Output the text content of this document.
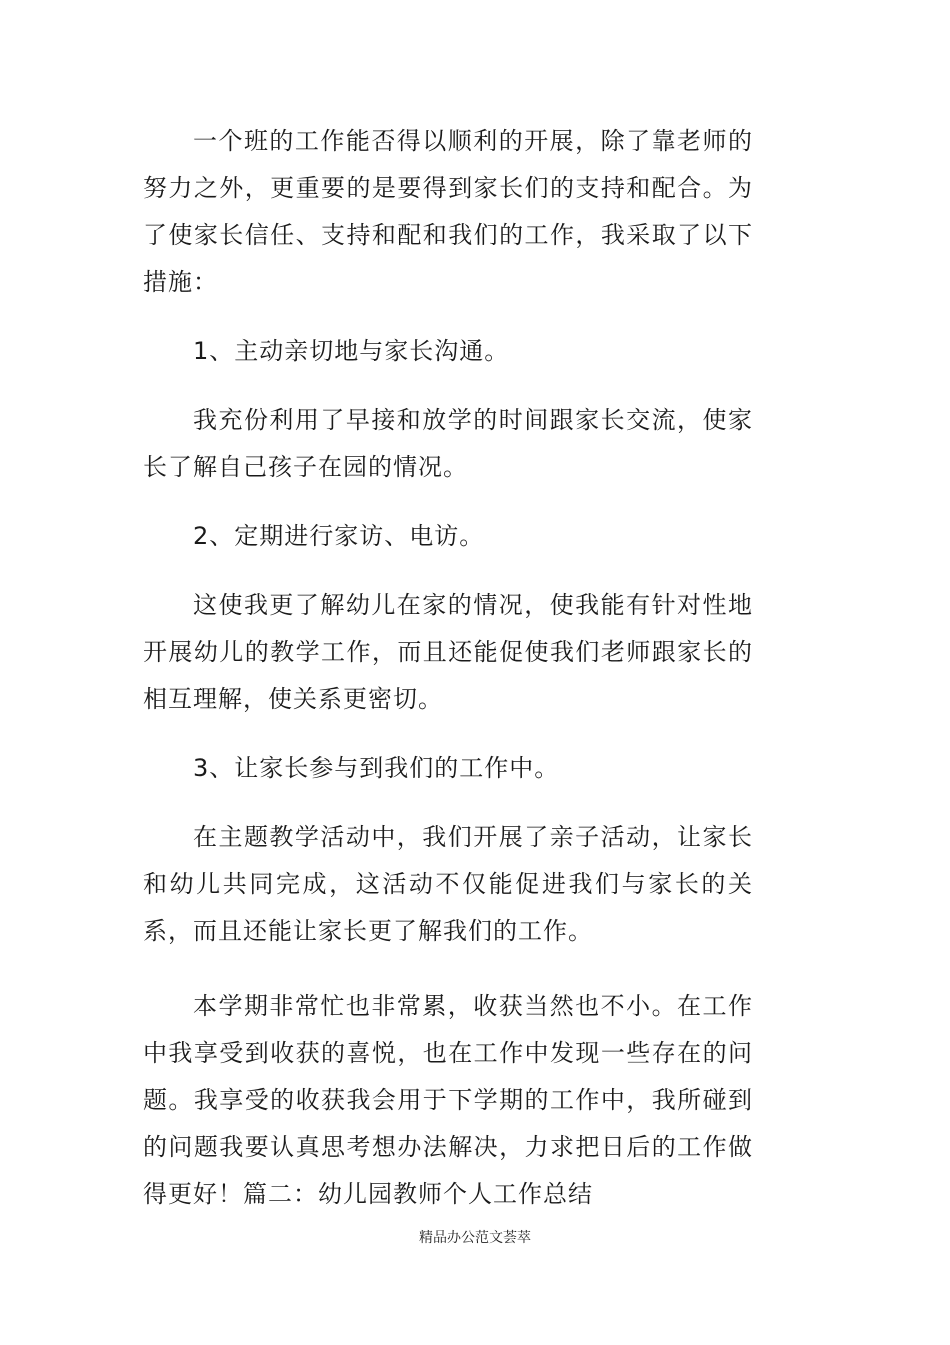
一个班的工作能否得以顺利的开展，除了靠老师的努力之外，更重要的是要得到家长们的支持和配合。为了使家长信任、支持和配和我们的工作，我采取了以下措施：

1、主动亲切地与家长沟通。

我充份利用了早接和放学的时间跟家长交流，使家长了解自己孩子在园的情况。

2、定期进行家访、电访。

这使我更了解幼儿在家的情况，使我能有针对性地开展幼儿的教学工作，而且还能促使我们老师跟家长的相互理解，使关系更密切。

3、让家长参与到我们的工作中。

在主题教学活动中，我们开展了亲子活动，让家长和幼儿共同完成，这活动不仅能促进我们与家长的关系，而且还能让家长更了解我们的工作。

本学期非常忙也非常累，收获当然也不小。在工作中我享受到收获的喜悦，也在工作中发现一些存在的问题。我享受的收获我会用于下学期的工作中，我所碰到的问题我要认真思考想办法解决，力求把日后的工作做得更好！篇二：幼儿园教师个人工作总结

精品办公范文荟萃
